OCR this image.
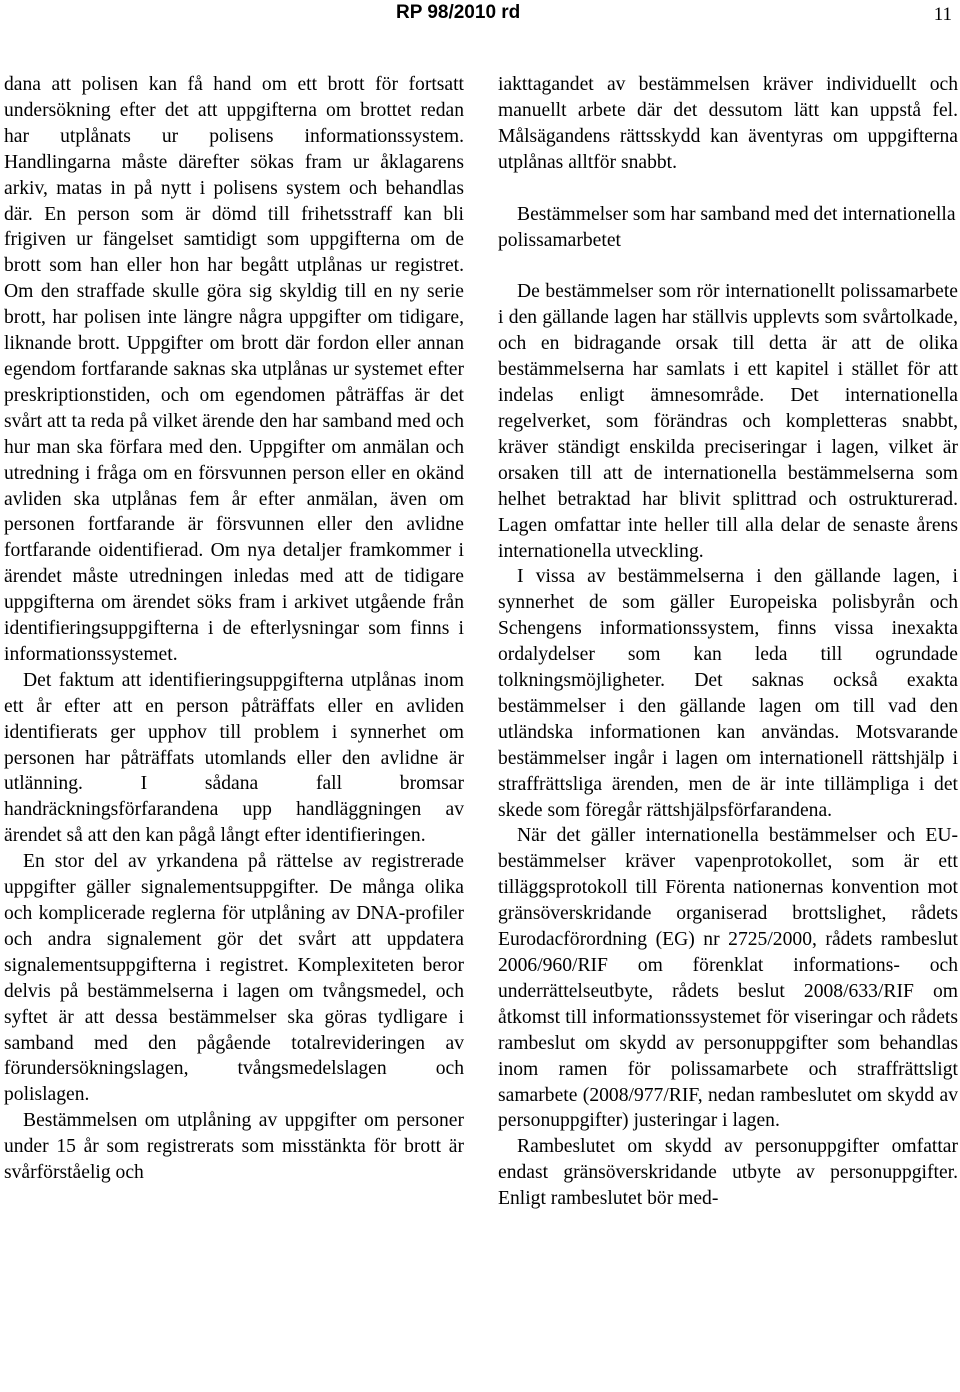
RP 98/2010 rd	11

dana att polisen kan få hand om ett brott för fortsatt undersökning efter det att uppgifterna om brottet redan har utplånats ur polisens informationssystem. Handlingarna måste därefter sökas fram ur åklagarens arkiv, matas in på nytt i polisens system och behandlas där. En person som är dömd till frihetsstraff kan bli frigiven ur fängelset samtidigt som uppgifterna om de brott som han eller hon har begått utplånas ur registret. Om den straffade skulle göra sig skyldig till en ny serie brott, har polisen inte längre några uppgifter om tidigare, liknande brott. Uppgifter om brott där fordon eller annan egendom fortfarande saknas ska utplånas ur systemet efter preskriptionstiden, och om egendomen påträffas är det svårt att ta reda på vilket ärende den har samband med och hur man ska förfara med den. Uppgifter om anmälan och utredning i fråga om en försvunnen person eller en okänd avliden ska utplånas fem år efter anmälan, även om personen fortfarande är försvunnen eller den avlidne fortfarande oidentifierad. Om nya detaljer framkommer i ärendet måste utredningen inledas med att de tidigare uppgifterna om ärendet söks fram i arkivet utgående från identifieringsuppgifterna i de efterlysningar som finns i informationssystemet.

Det faktum att identifieringsuppgifterna utplånas inom ett år efter att en person påträffats eller en avliden identifierats ger upphov till problem i synnerhet om personen har påträffats utomlands eller den avlidne är utlänning. I sådana fall bromsar handräckningsförfarandena upp handläggningen av ärendet så att den kan pågå långt efter identifieringen.

En stor del av yrkandena på rättelse av registrerade uppgifter gäller signalementsuppgifter. De många olika och komplicerade reglerna för utplåning av DNA-profiler och andra signalement gör det svårt att uppdatera signalementsuppgifterna i registret. Komplexiteten beror delvis på bestämmelserna i lagen om tvångsmedel, och syftet är att dessa bestämmelser ska göras tydligare i samband med den pågående totalrevideringen av förundersökningslagen, tvångsmedelslagen och polislagen.

Bestämmelsen om utplåning av uppgifter om personer under 15 år som registrerats som misstänkta för brott är svårförståelig och

iakttagandet av bestämmelsen kräver individuellt och manuellt arbete där det dessutom lätt kan uppstå fel. Målsägandens rättsskydd kan äventyras om uppgifterna utplånas alltför snabbt.

Bestämmelser som har samband med det internationella polissamarbetet

De bestämmelser som rör internationellt polissamarbete i den gällande lagen har ställvis upplevts som svårtolkade, och en bidragande orsak till detta är att de olika bestämmelserna har samlats i ett kapitel i stället för att indelas enligt ämnesområde. Det internationella regelverket, som förändras och kompletteras snabbt, kräver ständigt enskilda preciseringar i lagen, vilket är orsaken till att de internationella bestämmelserna som helhet betraktad har blivit splittrad och ostrukturerad. Lagen omfattar inte heller till alla delar de senaste årens internationella utveckling.

I vissa av bestämmelserna i den gällande lagen, i synnerhet de som gäller Europeiska polisbyrån och Schengens informationssystem, finns vissa inexakta ordalydelser som kan leda till ogrundade tolkningsmöjligheter. Det saknas också exakta bestämmelser i den gällande lagen om till vad den utländska informationen kan användas. Motsvarande bestämmelser ingår i lagen om internationell rättshjälp i straffrättsliga ärenden, men de är inte tillämpliga i det skede som föregår rättshjälpsförfarandena.

När det gäller internationella bestämmelser och EU-bestämmelser kräver vapenprotokollet, som är ett tilläggsprotokoll till Förenta nationernas konvention mot gränsöverskridande organiserad brottslighet, rådets Eurodacförordning (EG) nr 2725/2000, rådets rambeslut 2006/960/RIF om förenklat informations- och underrättelseutbyte, rådets beslut 2008/633/RIF om åtkomst till informationssystemet för viseringar och rådets rambeslut om skydd av personuppgifter som behandlas inom ramen för polissamarbete och straffrättsligt samarbete (2008/977/RIF, nedan rambeslutet om skydd av personuppgifter) justeringar i lagen.

Rambeslutet om skydd av personuppgifter omfattar endast gränsöverskridande utbyte av personuppgifter. Enligt rambeslutet bör med-
